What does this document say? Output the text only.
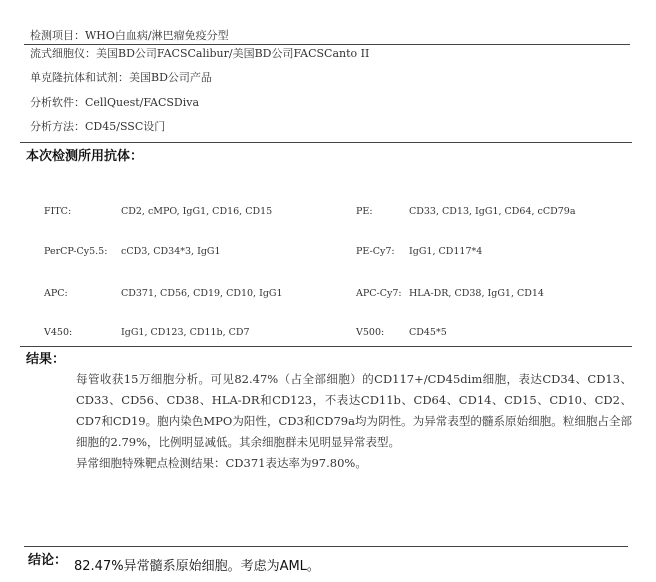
检测项目：WHO白血病/淋巴瘤免疫分型
流式细胞仪：美国BD公司FACSCalibur/美国BD公司FACSCanto II
单克隆抗体和试剂：美国BD公司产品
分析软件：CellQuest/FACSDiva
分析方法：CD45/SSC设门
本次检测所用抗体：
FITC:	CD2, cMPO, IgG1, CD16, CD15	PE:	CD33, CD13, IgG1, CD64, cCD79a
PerCP-Cy5.5: cCD3, CD34*3, IgG1	PE-Cy7: IgG1, CD117*4
APC:	CD371, CD56, CD19, CD10, IgG1	APC-Cy7: HLA-DR, CD38, IgG1, CD14
V450:	IgG1, CD123, CD11b, CD7	V500:	CD45*5
结果：

每管收获15万细胞分析。可见82.47%（占全部细胞）的CD117+/CD45dim细胞，表达CD34、CD13、CD33、CD56、CD38、HLA-DR和CD123，不表达CD11b、CD64、CD14、CD15、CD10、CD2、CD7和CD19。胞内染色MPO为阳性，CD3和CD79a均为阴性。为异常表型的髓系原始细胞。粒细胞占全部细胞的2.79%，比例明显减低。其余细胞群未见明显异常表型。

异常细胞特殊靶点检测结果：CD371表达率为97.80%。

结论： 82.47%异常髓系原始细胞。考虑为AML。
